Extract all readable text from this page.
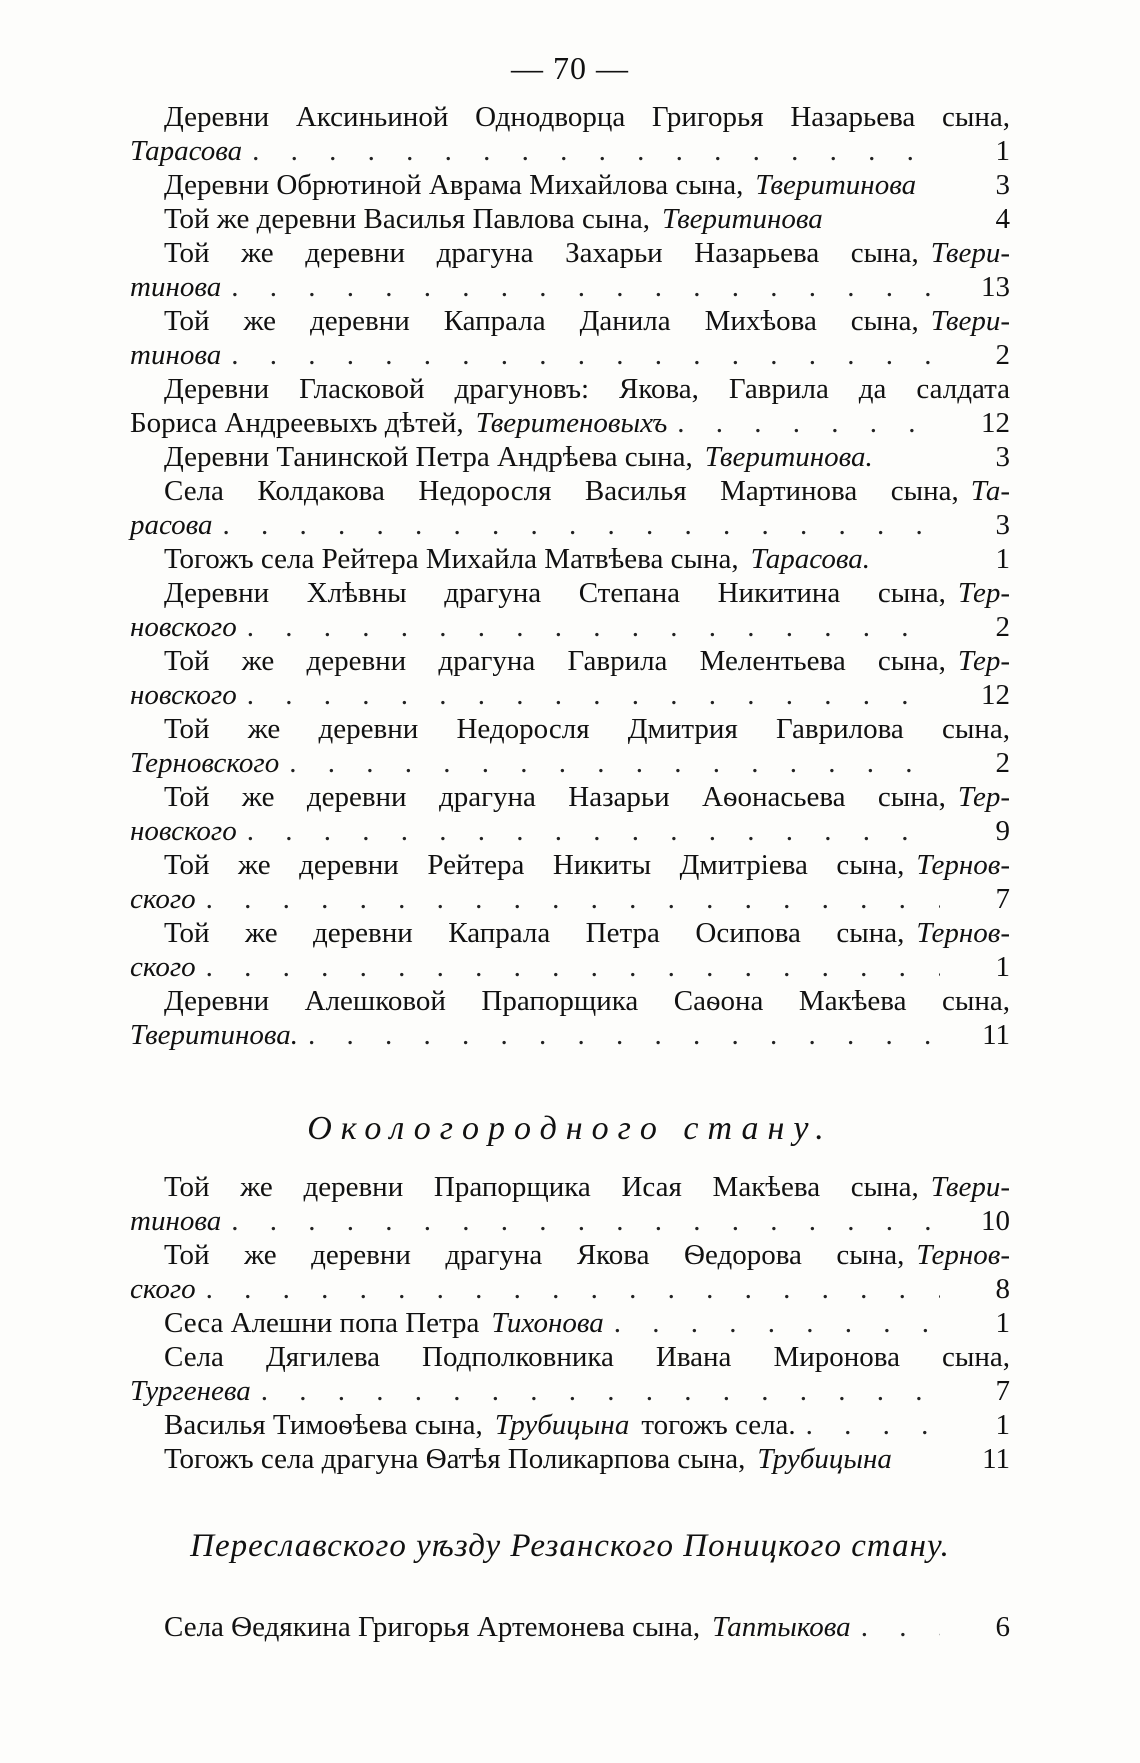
— 70 —
Деревни Аксиньиной Однодворца Григорья Назарьева сына,
Тарасова . . .	1
Деревни Обрютиной Аврама Михайлова сына, Тверитинова	3
Той же деревни Василья Павлова сына, Тверитинова	4
Той же деревни драгуна Захарьи Назарьева сына, Твери-
тинова . . .	13
Той же деревни Капрала Данила Михѣова сына, Твери-
тинова . . .	2
Деревни Гласковой драгуновъ: Якова, Гаврила да салдата
Бориса Андреевыхъ дѣтей, Тверитеновыхъ . . .	12
Деревни Танинской Петра Андрѣева сына, Тверитинова.	3
Села Колдакова Недоросля Василья Мартинова сына, Та-
расова . . .	3
Тогожъ села Рейтера Михайла Матвѣева сына, Тарасова.	1
Деревни Хлѣвны драгуна Степана Никитина сына, Тер-
новского . . .	2
Той же деревни драгуна Гаврила Мелентьева сына, Тер-
новского . . .	12
Той же деревни Недоросля Дмитрия Гаврилова сына,
Терновского . . .	2
Той же деревни драгуна Назарьи Аѳонасьева сына, Тер-
новского . . .	9
Той же деревни Рейтера Никиты Дмитріева сына, Тернов-
ского . . .	7
Той же деревни Капрала Петра Осипова сына, Тернов-
ского . . .	1
Деревни Алешковой Прапорщика Саѳона Макѣева сына,
Тверитинова. . . .	11
Окологородного стану.
Той же деревни Прапорщика Исая Макѣева сына, Твери-
тинова . . .	10
Той же деревни драгуна Якова Ѳедорова сына, Тернов-
ского . . .	8
Сеса Алешни попа Петра Тихонова . . .	1
Села Дягилева Подполковника Ивана Миронова сына,
Тургенева . . .	7
Василья Тимоѳѣева сына, Трубицына тогожъ села. . . .	1
Тогожъ села драгуна Ѳатѣя Поликарпова сына, Трубицына	11
Переславского уѣзду Резанского Поницкого стану.
Села Ѳедякина Григорья Артемонева сына, Таптыкова . . .	6
